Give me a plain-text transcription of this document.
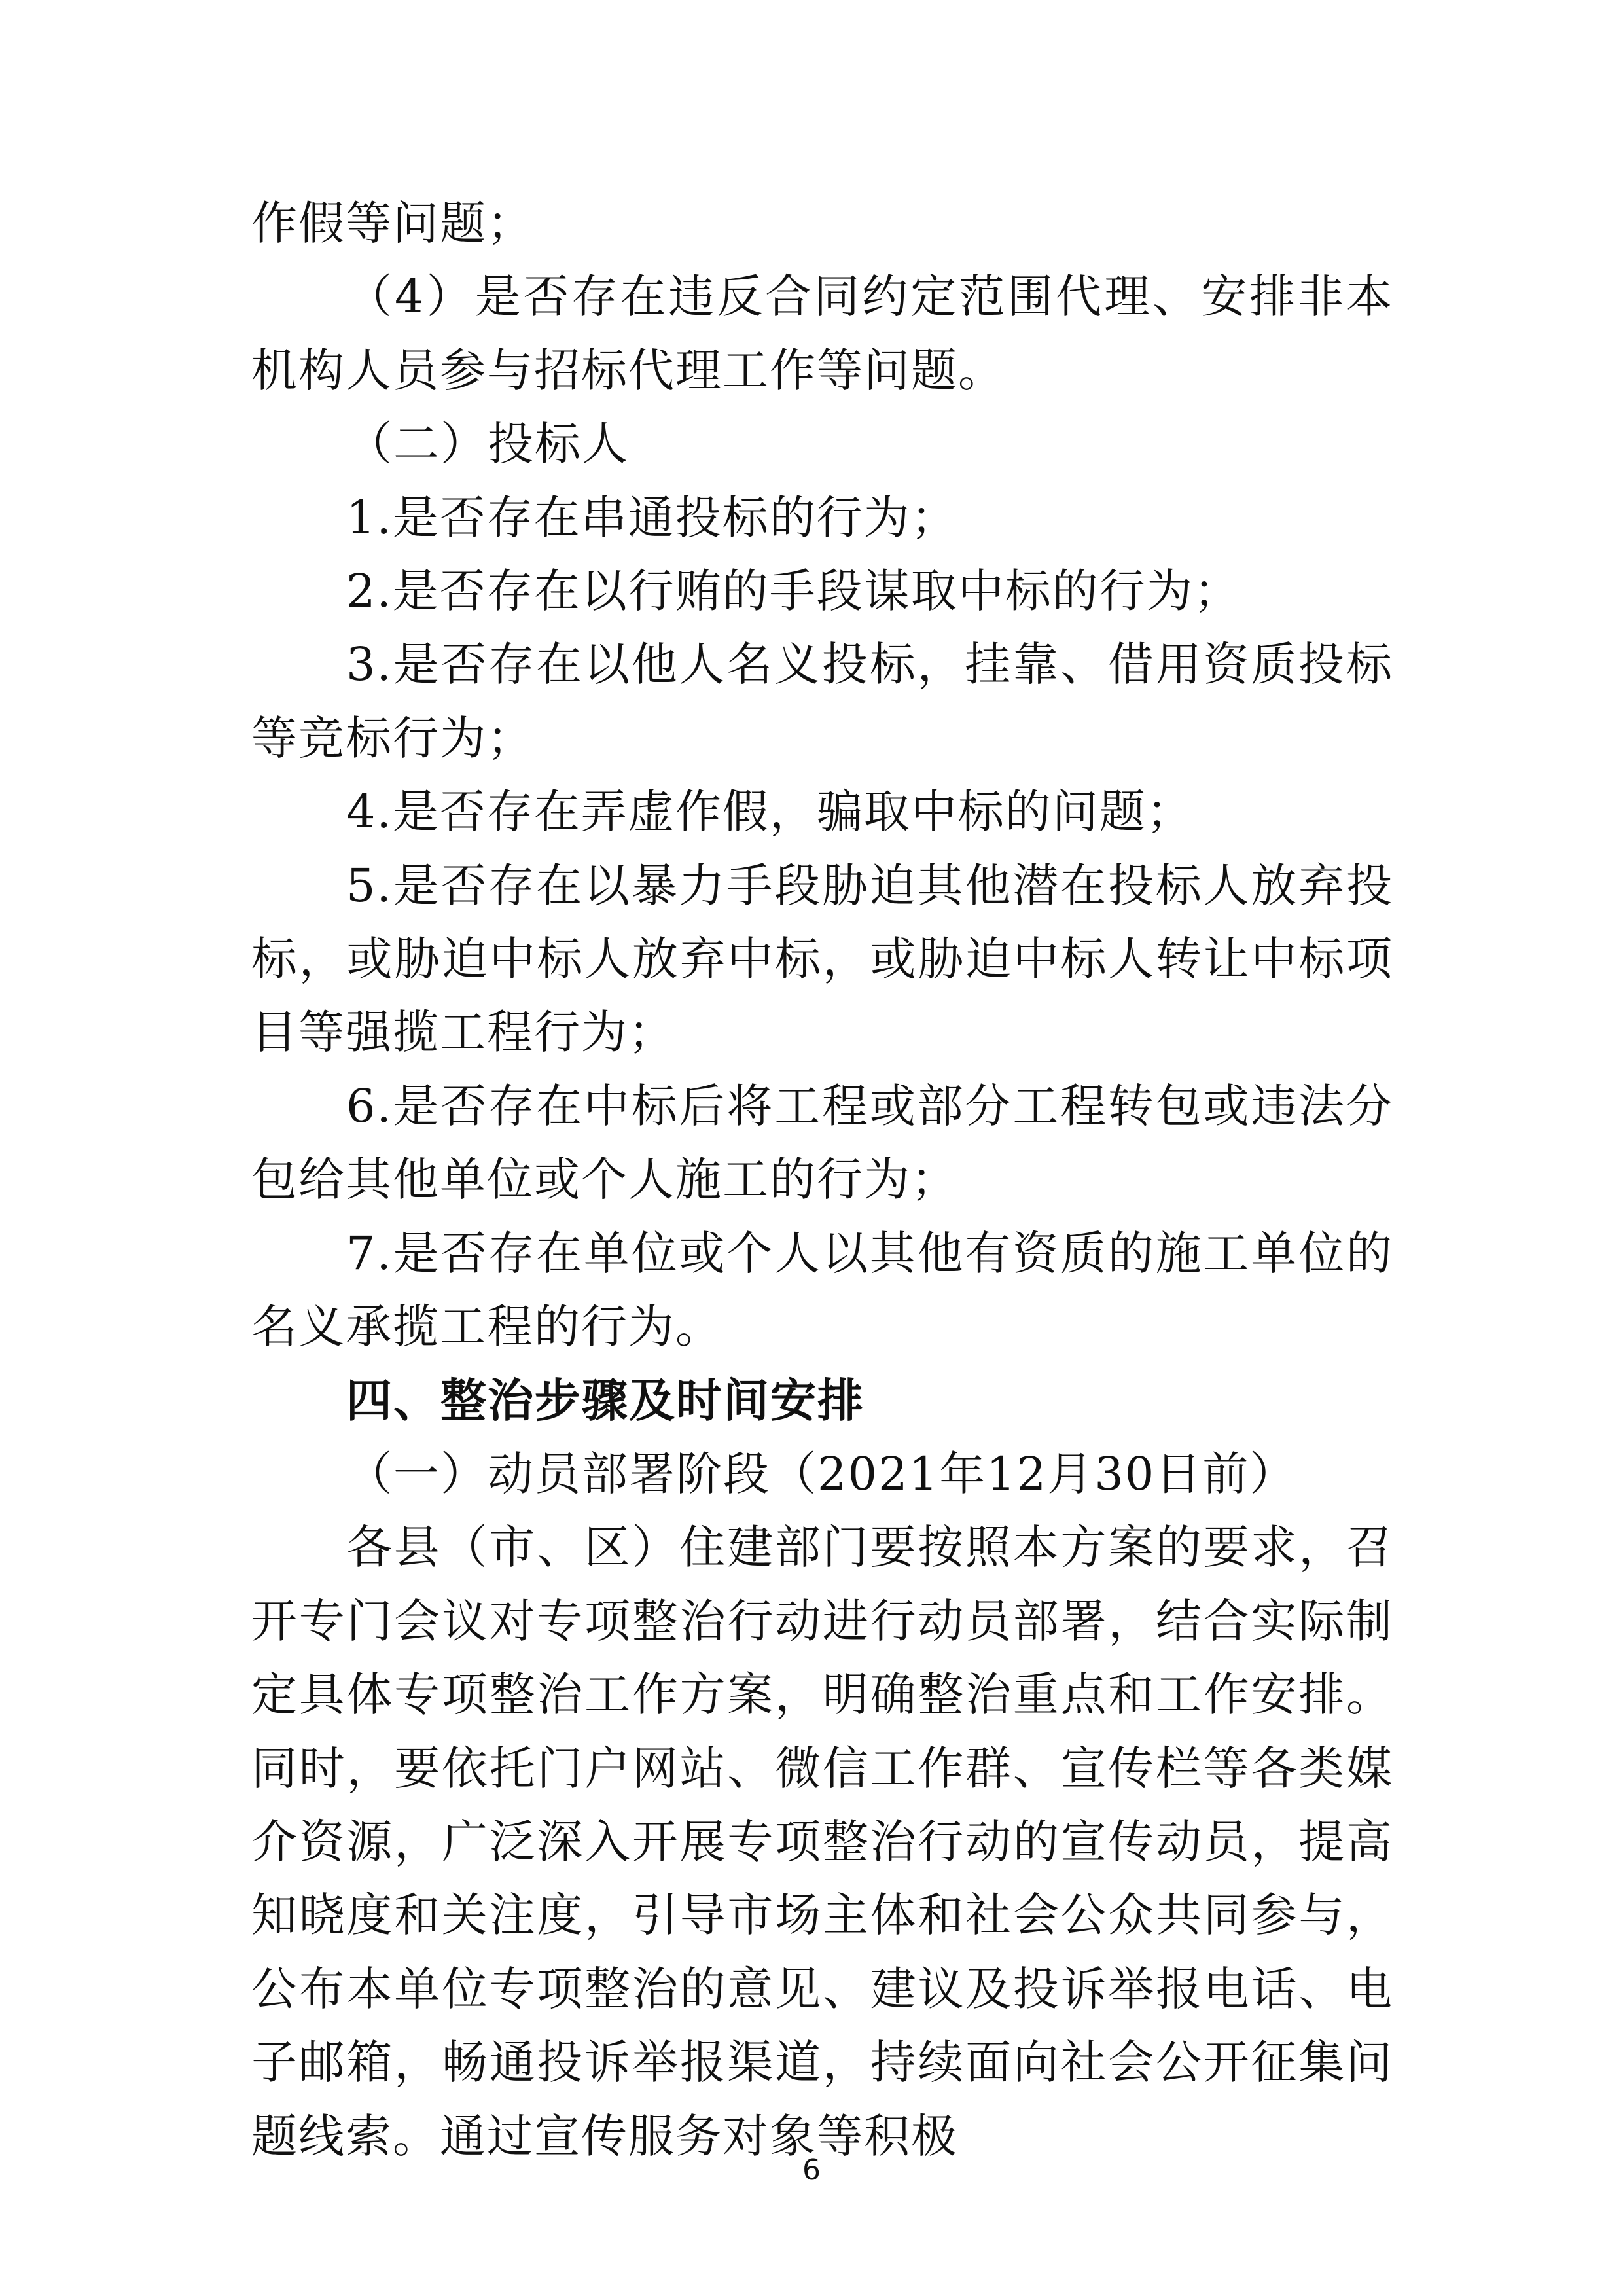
作假等问题；

（4）是否存在违反合同约定范围代理、安排非本机构人员参与招标代理工作等问题。

（二）投标人

1.是否存在串通投标的行为；

2.是否存在以行贿的手段谋取中标的行为；

3.是否存在以他人名义投标，挂靠、借用资质投标等竞标行为；

4.是否存在弄虚作假，骗取中标的问题；

5.是否存在以暴力手段胁迫其他潜在投标人放弃投标，或胁迫中标人放弃中标，或胁迫中标人转让中标项目等强揽工程行为；

6.是否存在中标后将工程或部分工程转包或违法分包给其他单位或个人施工的行为；

7.是否存在单位或个人以其他有资质的施工单位的名义承揽工程的行为。

四、整治步骤及时间安排

（一）动员部署阶段（2021年12月30日前）

各县（市、区）住建部门要按照本方案的要求，召开专门会议对专项整治行动进行动员部署，结合实际制定具体专项整治工作方案，明确整治重点和工作安排。同时，要依托门户网站、微信工作群、宣传栏等各类媒介资源，广泛深入开展专项整治行动的宣传动员，提高知晓度和关注度，引导市场主体和社会公众共同参与，公布本单位专项整治的意见、建议及投诉举报电话、电子邮箱，畅通投诉举报渠道，持续面向社会公开征集问题线索。通过宣传服务对象等积极

6
